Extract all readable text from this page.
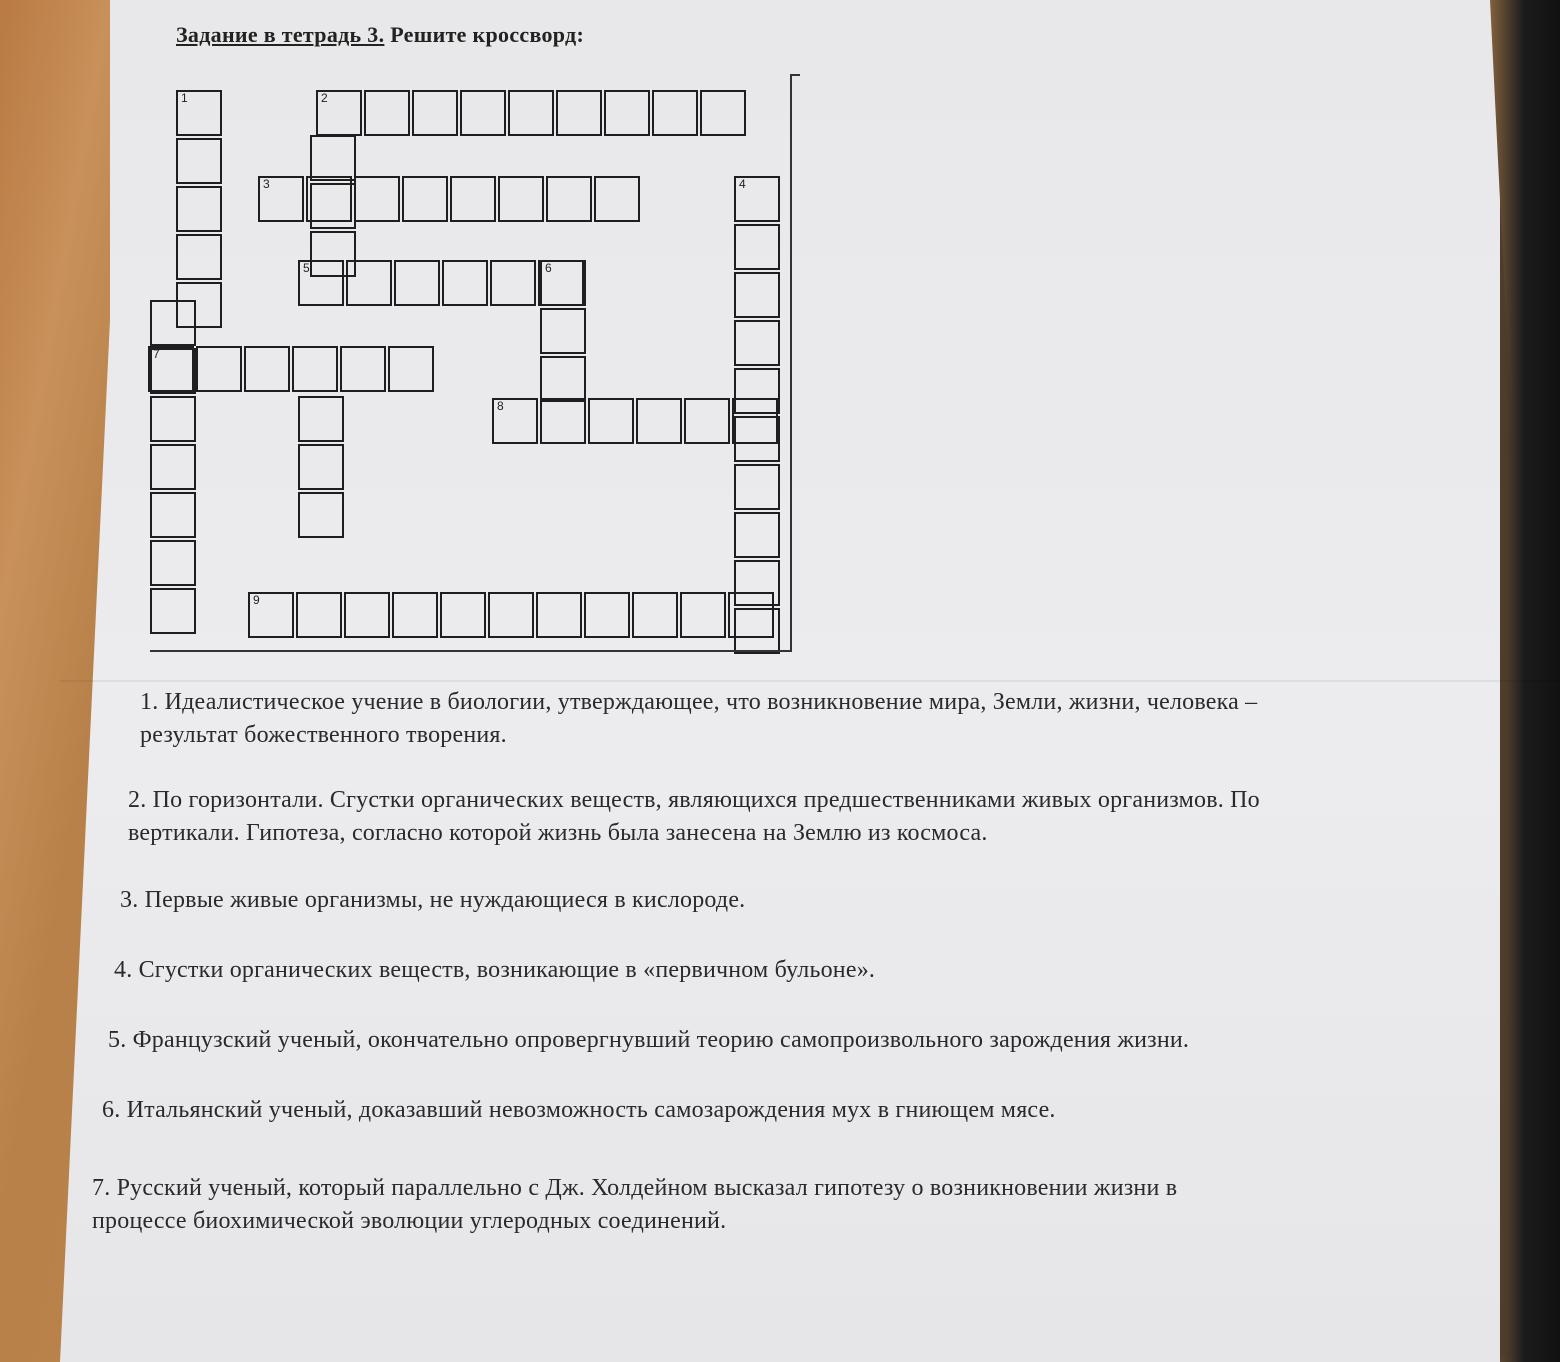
Задание в тетрадь 3. Решите кроссворд:
1	2
3	4
5	6
7
8
9
1. Идеалистическое учение в биологии, утверждающее, что возникновение мира, Земли, жизни, человека –
результат божественного творения.
2. По горизонтали. Сгустки органических веществ, являющихся предшественниками живых организмов. По
вертикали. Гипотеза, согласно которой жизнь была занесена на Землю из космоса.
3. Первые живые организмы, не нуждающиеся в кислороде.
4. Сгустки органических веществ, возникающие в «первичном бульоне».
5. Французский ученый, окончательно опровергнувший теорию самопроизвольного зарождения жизни.
6. Итальянский ученый, доказавший невозможность самозарождения мух в гниющем мясе.
7. Русский ученый, который параллельно с Дж. Холдейном высказал гипотезу о возникновении жизни в
процессе биохимической эволюции углеродных соединений.
